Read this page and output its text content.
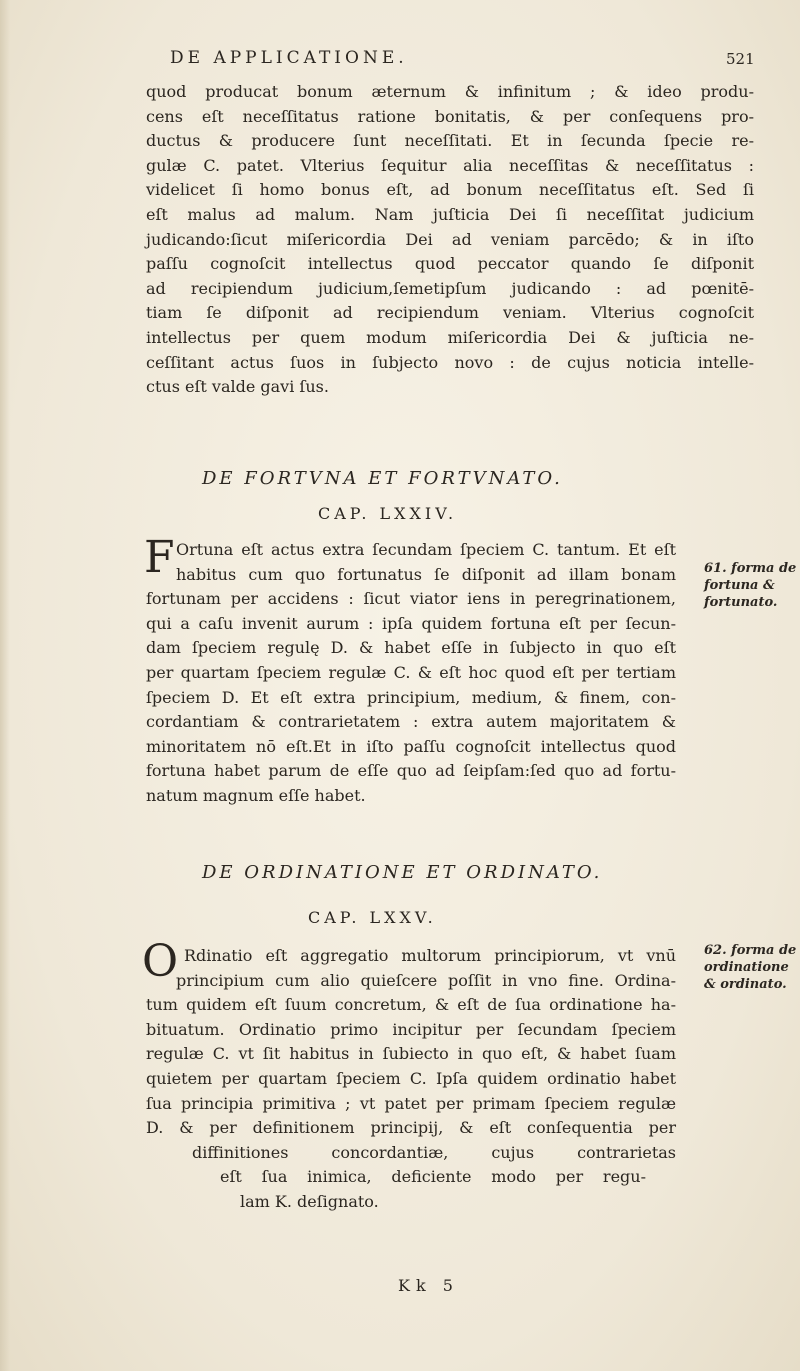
DE APPLICATIONE.	521
quod producat bonum æternum & infinitum ; & ideo produ-
cens eſt neceſſitatus ratione bonitatis, & per conſequens pro-
ductus & producere ſunt neceſſitati. Et in ſecunda ſpecie re-
gulæ C. patet. Vlterius ſequitur alia neceſſitas & neceſſitatus :
videlicet ſi homo bonus eſt, ad bonum neceſſitatus eſt. Sed ſi
eſt malus ad malum. Nam juſticia Dei ſi neceſſitat judicium
judicando:ſicut miſericordia Dei ad veniam parcēdo; & in iſto
paſſu cognoſcit intellectus quod peccator quando ſe diſponit
ad recipiendum judicium,ſemetipſum judicando : ad pœnitē-
tiam ſe diſponit ad recipiendum veniam. Vlterius cognoſcit
intellectus per quem modum miſericordia Dei & juſticia ne-
ceſſitant actus ſuos in ſubjecto novo : de cujus noticia intelle-
ctus eſt valde gavi ſus.
DE FORTVNA ET FORTVNATO.
CAP. LXXIV.
F Ortuna eſt actus extra ſecundam ſpeciem C. tantum. Et eſt
habitus cum quo fortunatus ſe diſponit ad illam bonam
fortunam per accidens : ſicut viator iens in peregrinationem,
qui a caſu invenit aurum : ipſa quidem fortuna eſt per ſecun-
dam ſpeciem regulę D. & habet eſſe in ſubjecto in quo eſt
per quartam ſpeciem regulæ C. & eſt hoc quod eſt per tertiam
ſpeciem D. Et eſt extra principium, medium, & finem, con-
cordantiam & contrarietatem : extra autem majoritatem &
minoritatem nō eſt.Et in iſto paſſu cognoſcit intellectus quod
fortuna habet parum de eſſe quo ad ſeipſam:ſed quo ad fortu-
natum magnum eſſe habet.
61. forma de
fortuna &
fortunato.
DE ORDINATIONE ET ORDINATO.
CAP. LXXV.
O Rdinatio eſt aggregatio multorum principiorum, vt vnū
principium cum alio quieſcere poſſit in vno fine. Ordina-
tum quidem eſt ſuum concretum, & eſt de ſua ordinatione ha-
bituatum. Ordinatio primo incipitur per ſecundam ſpeciem
regulæ C. vt ſit habitus in ſubiecto in quo eſt, & habet ſuam
quietem per quartam ſpeciem C. Ipſa quidem ordinatio habet
ſua principia primitiva ; vt patet per primam ſpeciem regulæ
D. & per definitionem principij, & eſt conſequentia per
diffinitiones concordantiæ, cujus contrarietas
eſt ſua inimica, deficiente modo per regu-
lam K. deſignato.
62. forma de
ordinatione
& ordinato.
Kk 5
